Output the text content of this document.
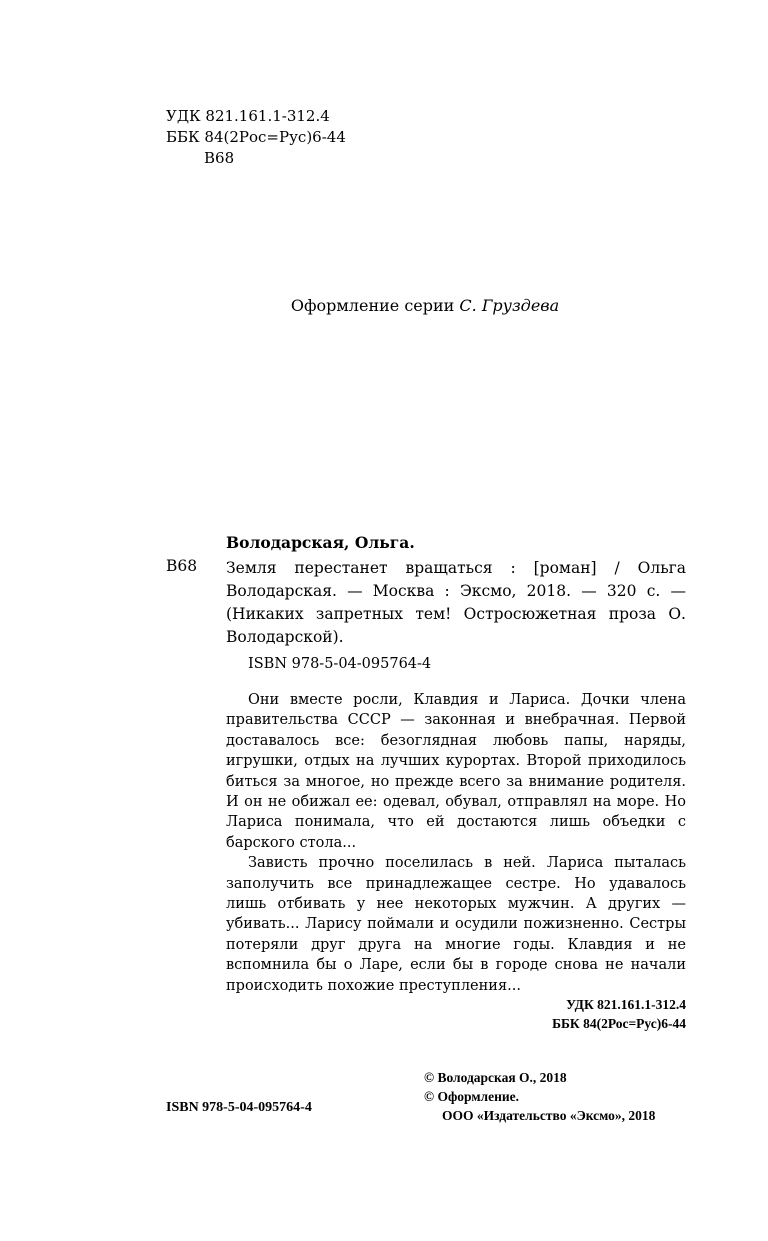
УДК 821.161.1-312.4
ББК 84(2Рос=Рус)6-44
В68
Оформление серии С. Груздева
Володарская, Ольга.
В68 Земля перестанет вращаться : [роман] / Ольга Володарская. — Москва : Эксмо, 2018. — 320 с. — (Никаких запретных тем! Остросюжетная проза О. Володарской).
ISBN 978-5-04-095764-4

Они вместе росли, Клавдия и Лариса. Дочки члена правительства СССР — законная и внебрачная. Первой доставалось все: безоглядная любовь папы, наряды, игрушки, отдых на лучших курортах. Второй приходилось биться за многое, но прежде всего за внимание родителя. И он не обижал ее: одевал, обувал, отправлял на море. Но Лариса понимала, что ей достаются лишь объедки с барского стола...

Зависть прочно поселилась в ней. Лариса пыталась заполучить все принадлежащее сестре. Но удавалось лишь отбивать у нее некоторых мужчин. А других — убивать... Ларису поймали и осудили пожизненно. Сестры потеряли друг друга на многие годы. Клавдия и не вспомнила бы о Ларе, если бы в городе снова не начали происходить похожие преступления...

УДК 821.161.1-312.4
ББК 84(2Рос=Рус)6-44
© Володарская О., 2018
© Оформление.
ООО «Издательство «Эксмо», 2018
ISBN 978-5-04-095764-4
